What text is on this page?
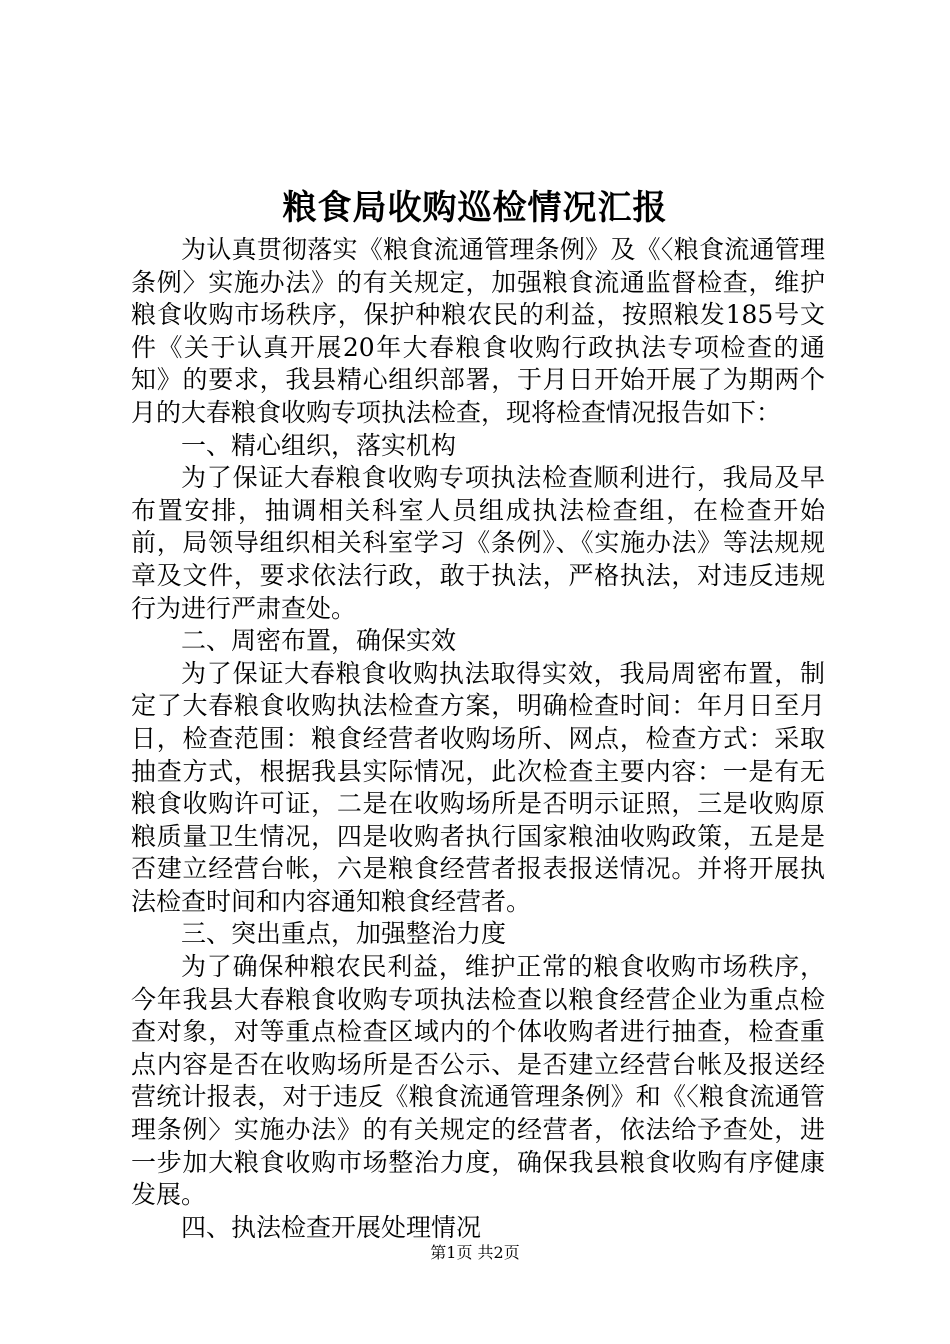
粮食局收购巡检情况汇报

为认真贯彻落实《粮食流通管理条例》及《〈粮食流通管理条例〉实施办法》的有关规定，加强粮食流通监督检查，维护粮食收购市场秩序，保护种粮农民的利益，按照粮发185号文件《关于认真开展20年大春粮食收购行政执法专项检查的通知》的要求，我县精心组织部署，于月日开始开展了为期两个月的大春粮食收购专项执法检查，现将检查情况报告如下：

一、精心组织，落实机构

为了保证大春粮食收购专项执法检查顺利进行，我局及早布置安排，抽调相关科室人员组成执法检查组，在检查开始前，局领导组织相关科室学习《条例》、《实施办法》等法规规章及文件，要求依法行政，敢于执法，严格执法，对违反违规行为进行严肃查处。

二、周密布置，确保实效

为了保证大春粮食收购执法取得实效，我局周密布置，制定了大春粮食收购执法检查方案，明确检查时间：年月日至月日，检查范围：粮食经营者收购场所、网点，检查方式：采取抽查方式，根据我县实际情况，此次检查主要内容：一是有无粮食收购许可证，二是在收购场所是否明示证照，三是收购原粮质量卫生情况，四是收购者执行国家粮油收购政策，五是是否建立经营台帐，六是粮食经营者报表报送情况。并将开展执法检查时间和内容通知粮食经营者。

三、突出重点，加强整治力度

为了确保种粮农民利益，维护正常的粮食收购市场秩序，今年我县大春粮食收购专项执法检查以粮食经营企业为重点检查对象，对等重点检查区域内的个体收购者进行抽查，检查重点内容是否在收购场所是否公示、是否建立经营台帐及报送经营统计报表，对于违反《粮食流通管理条例》和《〈粮食流通管理条例〉实施办法》的有关规定的经营者，依法给予查处，进一步加大粮食收购市场整治力度，确保我县粮食收购有序健康发展。

四、执法检查开展处理情况

第1页 共2页
